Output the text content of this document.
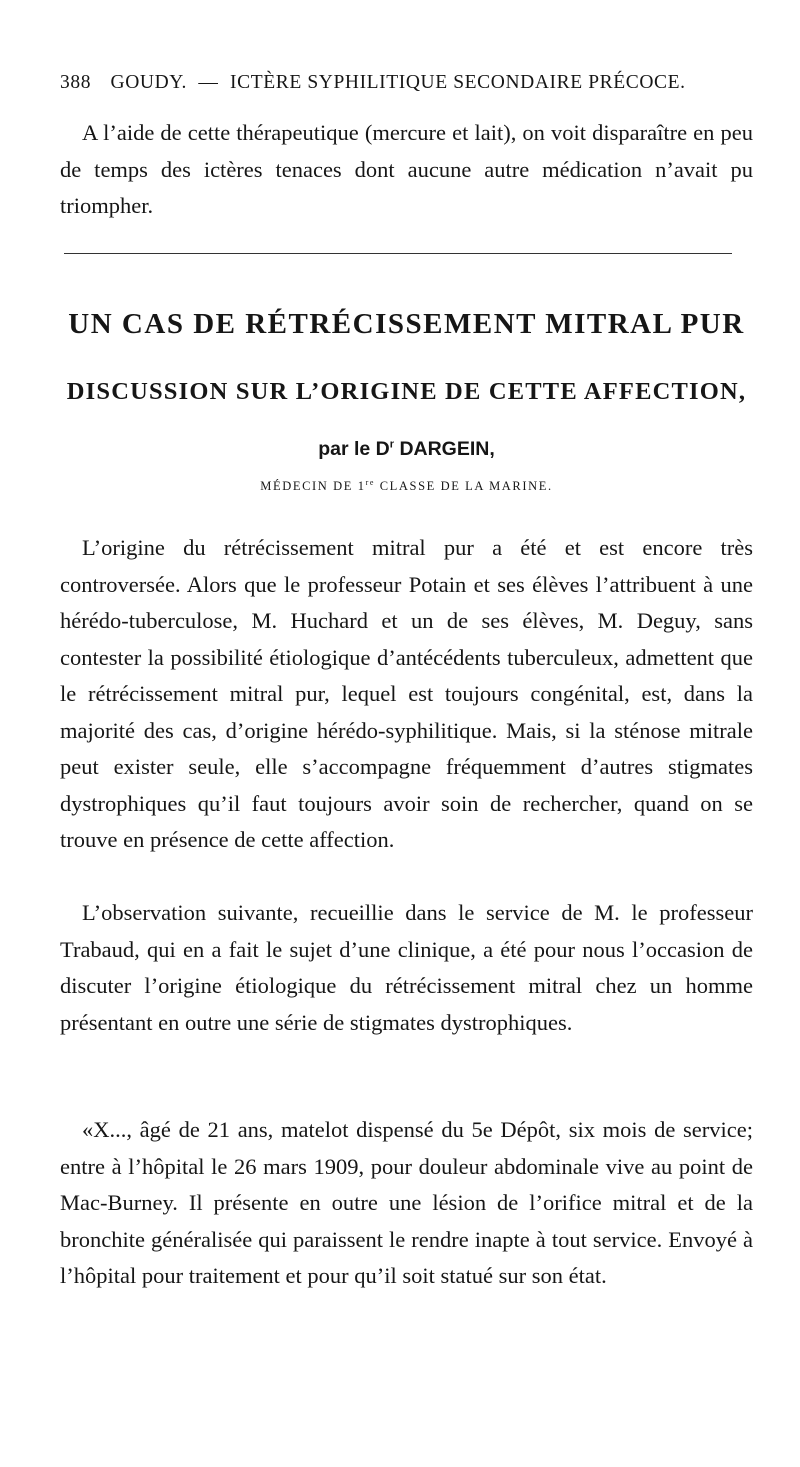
388 GOUDY. — ICTÈRE SYPHILITIQUE SECONDAIRE PRÉCOCE.

A l’aide de cette thérapeutique (mercure et lait), on voit disparaître en peu de temps des ictères tenaces dont aucune autre médication n’avait pu triompher.

UN CAS DE RÉTRÉCISSEMENT MITRAL PUR
DISCUSSION SUR L’ORIGINE DE CETTE AFFECTION,

par le $D^r$ DARGEIN,

MÉDECIN DE 1re CLASSE DE LA MARINE.

L’origine du rétrécissement mitral pur a été et est encore très controversée. Alors que le professeur Potain et ses élèves l’attribuent à une hérédo-tuberculose, M. Huchard et un de ses élèves, M. Deguy, sans contester la possibilité étiologique d’antécédents tuberculeux, admettent que le rétrécissement mitral pur, lequel est toujours congénital, est, dans la majorité des cas, d’origine hérédo-syphilitique. Mais, si la sténose mitrale peut exister seule, elle s’accompagne fréquemment d’autres stigmates dystrophiques qu’il faut toujours avoir soin de rechercher, quand on se trouve en présence de cette affection.

L’observation suivante, recueillie dans le service de M. le professeur Trabaud, qui en a fait le sujet d’une clinique, a été pour nous l’occasion de discuter l’origine étiologique du rétrécissement mitral chez un homme présentant en outre une série de stigmates dystrophiques.

«X..., âgé de 21 ans, matelot dispensé du 5e Dépôt, six mois de service; entre à l’hôpital le 26 mars 1909, pour douleur abdominale vive au point de Mac-Burney. Il présente en outre une lésion de l’orifice mitral et de la bronchite généralisée qui paraissent le rendre inapte à tout service. Envoyé à l’hôpital pour traitement et pour qu’il soit statué sur son état.
